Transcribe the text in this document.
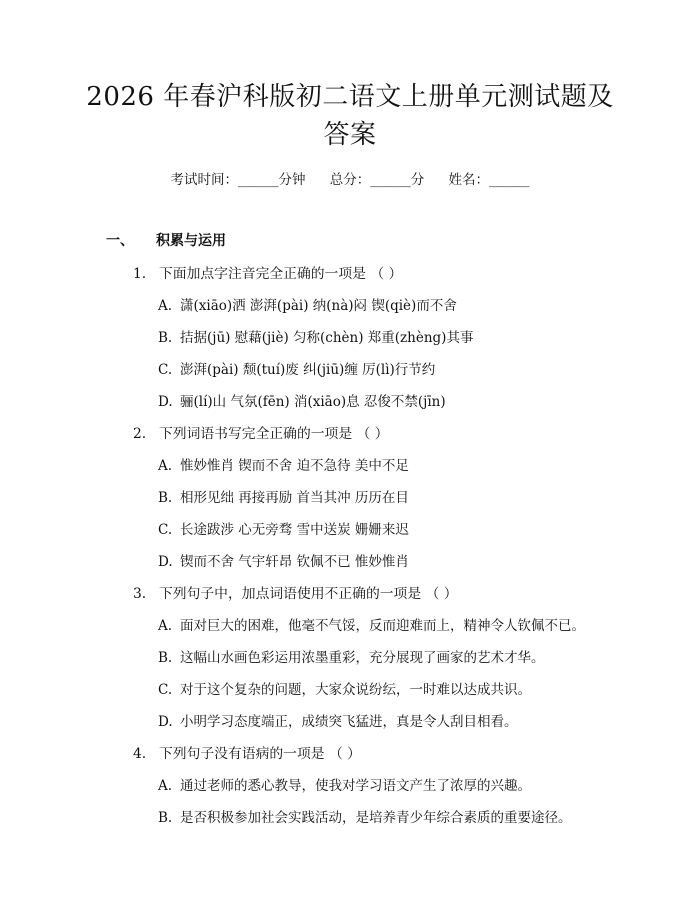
2026 年春沪科版初二语文上册单元测试题及
答案
考试时间：______分钟 总分：______分 姓名：______
一、 积累与运用
1. 下面加点字注音完全正确的一项是 （ ）
A. 潇(xiāo)洒 澎湃(pài) 纳(nà)闷 锲(qiè)而不舍
B. 拮据(jū) 慰藉(jiè) 匀称(chèn) 郑重(zhèng)其事
C. 澎湃(pài) 颓(tuí)废 纠(jiū)缠 厉(lì)行节约
D. 骊(lí)山 气氛(fēn) 消(xiāo)息 忍俊不禁(jīn)
2. 下列词语书写完全正确的一项是 （ ）
A. 惟妙惟肖 锲而不舍 迫不急待 美中不足
B. 相形见绌 再接再励 首当其冲 历历在目
C. 长途跋涉 心无旁骛 雪中送炭 姗姗来迟
D. 锲而不舍 气宇轩昂 钦佩不已 惟妙惟肖
3. 下列句子中，加点词语使用不正确的一项是 （ ）
A. 面对巨大的困难，他毫不气馁，反而迎难而上，精神令人钦佩不已。
B. 这幅山水画色彩运用浓墨重彩，充分展现了画家的艺术才华。
C. 对于这个复杂的问题，大家众说纷纭，一时难以达成共识。
D. 小明学习态度端正，成绩突飞猛进，真是令人刮目相看。
4. 下列句子没有语病的一项是 （ ）
A. 通过老师的悉心教导，使我对学习语文产生了浓厚的兴趣。
B. 是否积极参加社会实践活动，是培养青少年综合素质的重要途径。
